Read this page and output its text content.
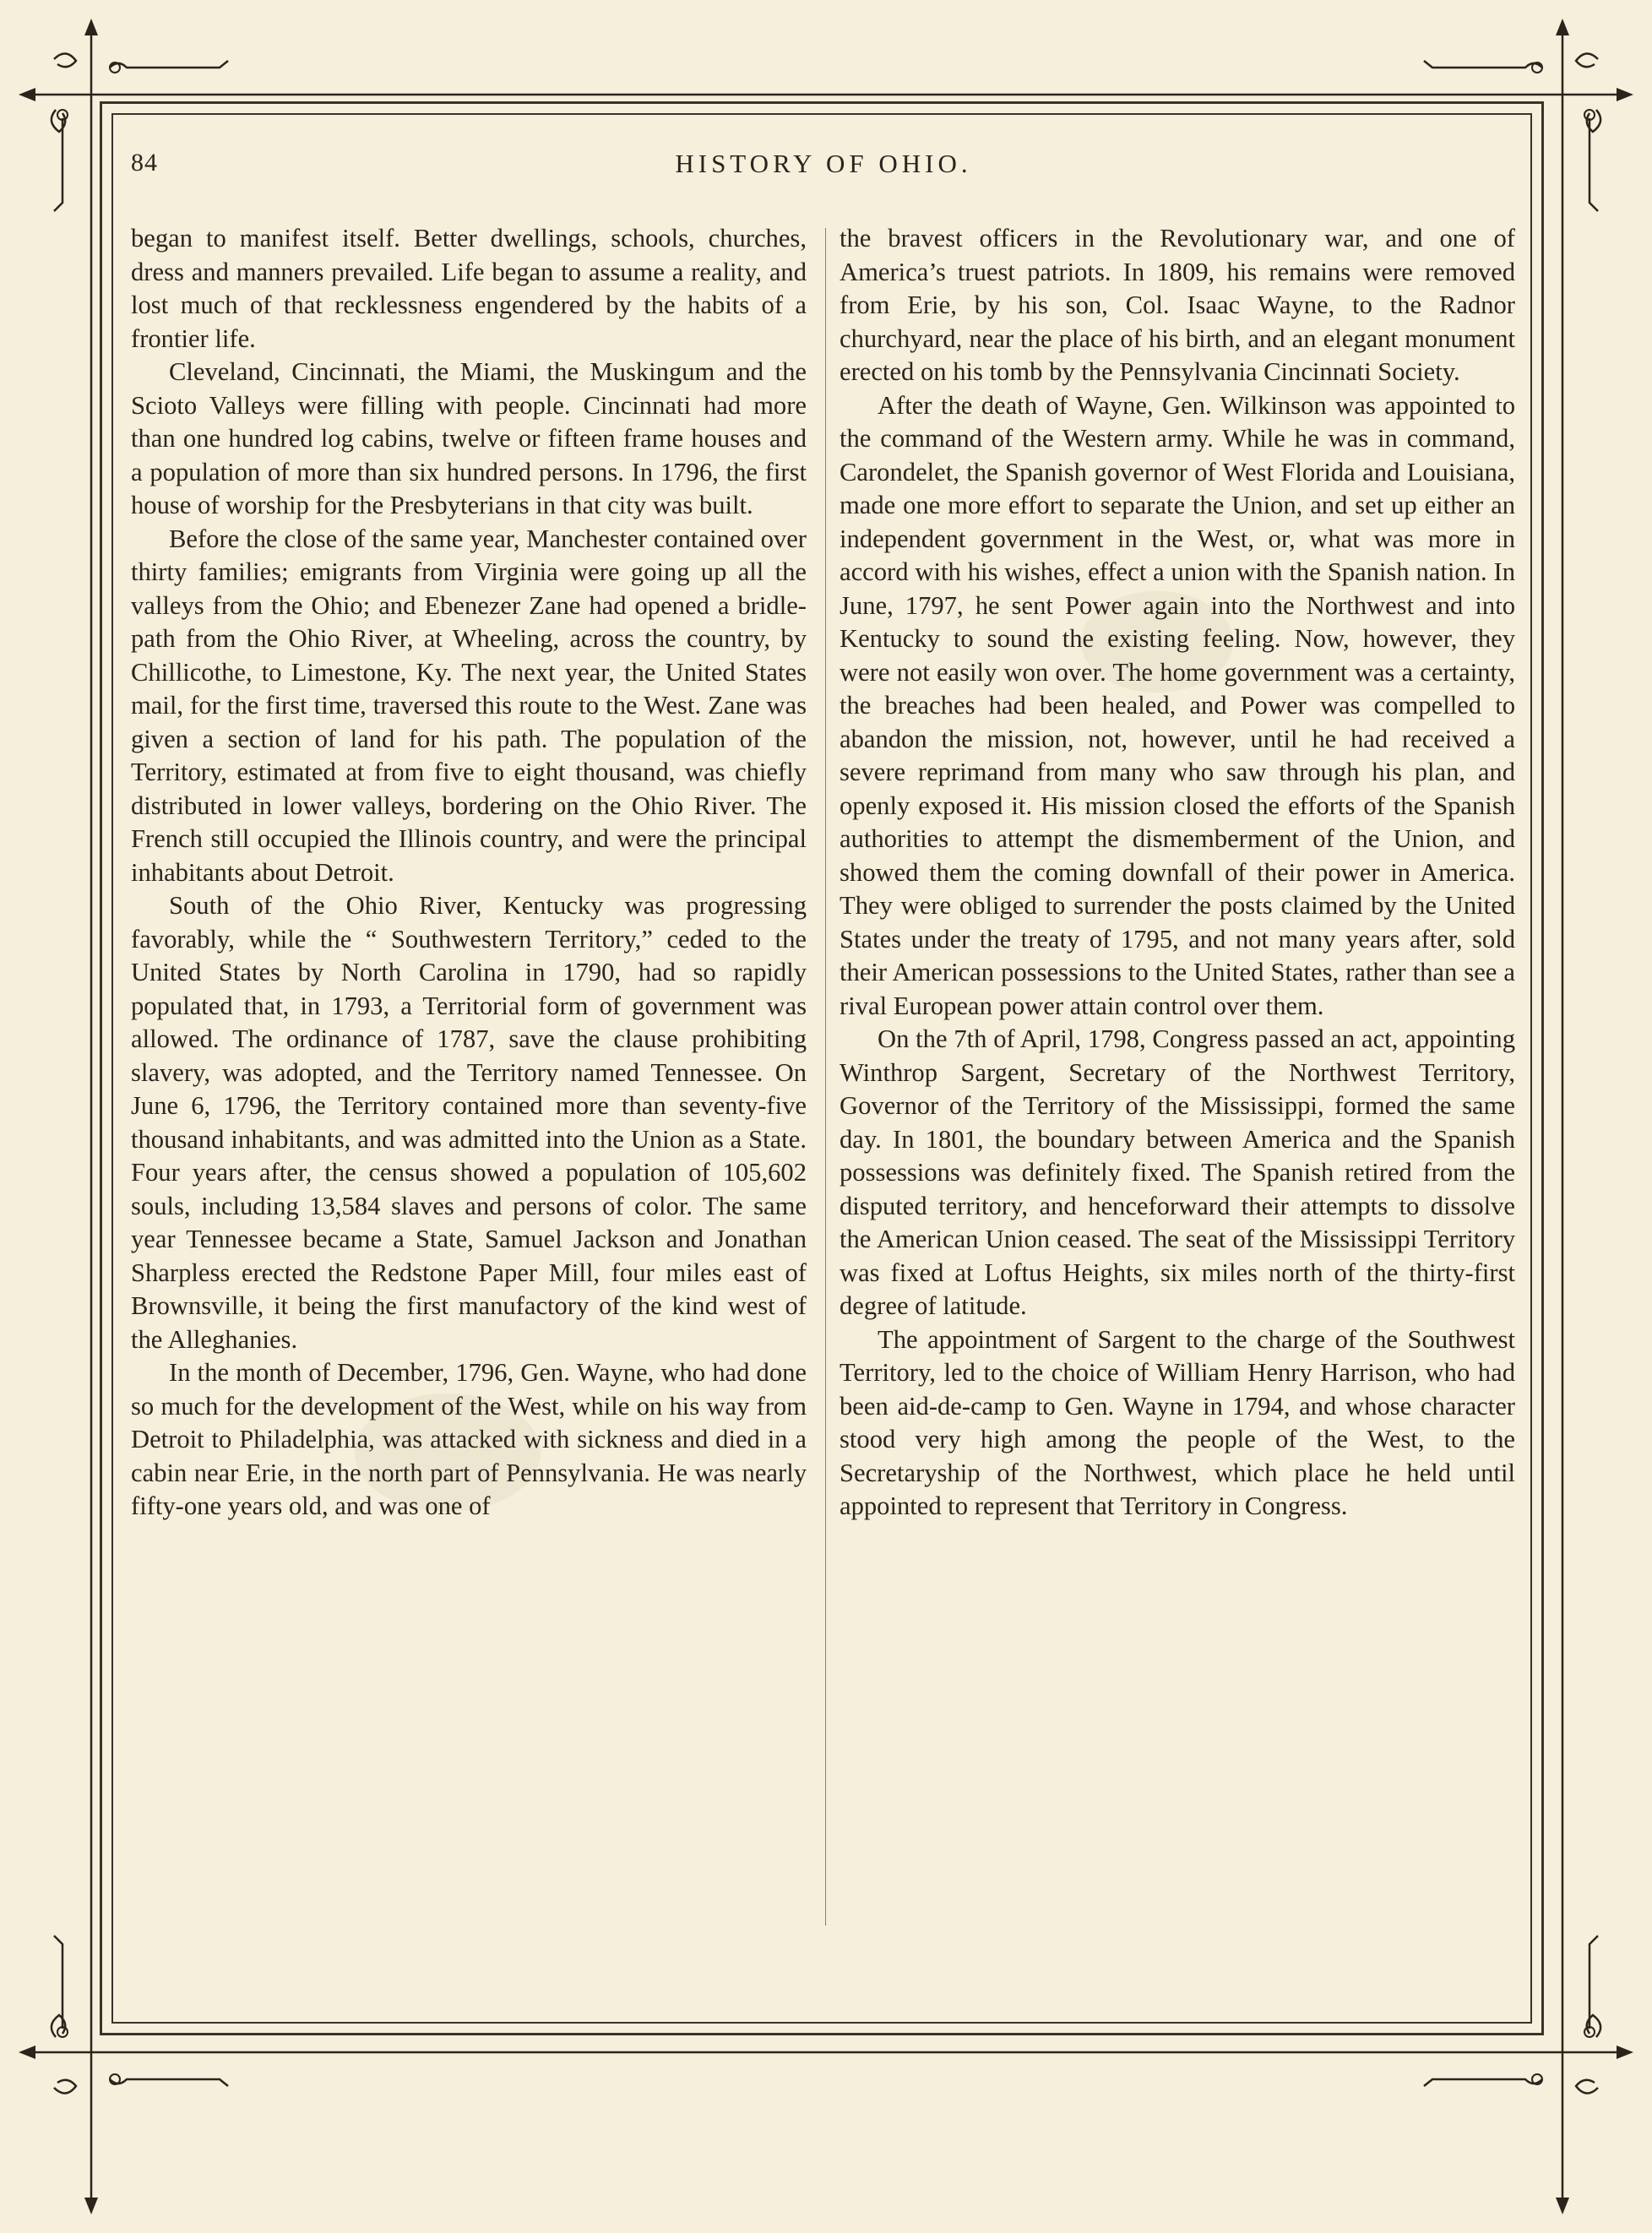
84	HISTORY OF OHIO.

began to manifest itself. Better dwellings, schools, churches, dress and manners prevailed. Life began to assume a reality, and lost much of that recklessness engendered by the habits of a frontier life.

Cleveland, Cincinnati, the Miami, the Muskingum and the Scioto Valleys were filling with people. Cincinnati had more than one hundred log cabins, twelve or fifteen frame houses and a population of more than six hundred persons. In 1796, the first house of worship for the Presbyterians in that city was built.

Before the close of the same year, Manchester contained over thirty families; emigrants from Virginia were going up all the valleys from the Ohio; and Ebenezer Zane had opened a bridle-path from the Ohio River, at Wheeling, across the country, by Chillicothe, to Limestone, Ky. The next year, the United States mail, for the first time, traversed this route to the West. Zane was given a section of land for his path. The population of the Territory, estimated at from five to eight thousand, was chiefly distributed in lower valleys, bordering on the Ohio River. The French still occupied the Illinois country, and were the principal inhabitants about Detroit.

South of the Ohio River, Kentucky was progressing favorably, while the “ Southwestern Territory,” ceded to the United States by North Carolina in 1790, had so rapidly populated that, in 1793, a Territorial form of government was allowed. The ordinance of 1787, save the clause prohibiting slavery, was adopted, and the Territory named Tennessee. On June 6, 1796, the Territory contained more than seventy-five thousand inhabitants, and was admitted into the Union as a State. Four years after, the census showed a population of 105,602 souls, including 13,584 slaves and persons of color. The same year Tennessee became a State, Samuel Jackson and Jonathan Sharpless erected the Redstone Paper Mill, four miles east of Brownsville, it being the first manufactory of the kind west of the Alleghanies.

In the month of December, 1796, Gen. Wayne, who had done so much for the development of the West, while on his way from Detroit to Philadelphia, was attacked with sickness and died in a cabin near Erie, in the north part of Pennsylvania. He was nearly fifty-one years old, and was one of

the bravest officers in the Revolutionary war, and one of America’s truest patriots. In 1809, his remains were removed from Erie, by his son, Col. Isaac Wayne, to the Radnor churchyard, near the place of his birth, and an elegant monument erected on his tomb by the Pennsylvania Cincinnati Society.

After the death of Wayne, Gen. Wilkinson was appointed to the command of the Western army. While he was in command, Carondelet, the Spanish governor of West Florida and Louisiana, made one more effort to separate the Union, and set up either an independent government in the West, or, what was more in accord with his wishes, effect a union with the Spanish nation. In June, 1797, he sent Power again into the Northwest and into Kentucky to sound the existing feeling. Now, however, they were not easily won over. The home government was a certainty, the breaches had been healed, and Power was compelled to abandon the mission, not, however, until he had received a severe reprimand from many who saw through his plan, and openly exposed it. His mission closed the efforts of the Spanish authorities to attempt the dismemberment of the Union, and showed them the coming downfall of their power in America. They were obliged to surrender the posts claimed by the United States under the treaty of 1795, and not many years after, sold their American possessions to the United States, rather than see a rival European power attain control over them.

On the 7th of April, 1798, Congress passed an act, appointing Winthrop Sargent, Secretary of the Northwest Territory, Governor of the Territory of the Mississippi, formed the same day. In 1801, the boundary between America and the Spanish possessions was definitely fixed. The Spanish retired from the disputed territory, and henceforward their attempts to dissolve the American Union ceased. The seat of the Mississippi Territory was fixed at Loftus Heights, six miles north of the thirty-first degree of latitude.

The appointment of Sargent to the charge of the Southwest Territory, led to the choice of William Henry Harrison, who had been aid-de-camp to Gen. Wayne in 1794, and whose character stood very high among the people of the West, to the Secretaryship of the Northwest, which place he held until appointed to represent that Territory in Congress.
